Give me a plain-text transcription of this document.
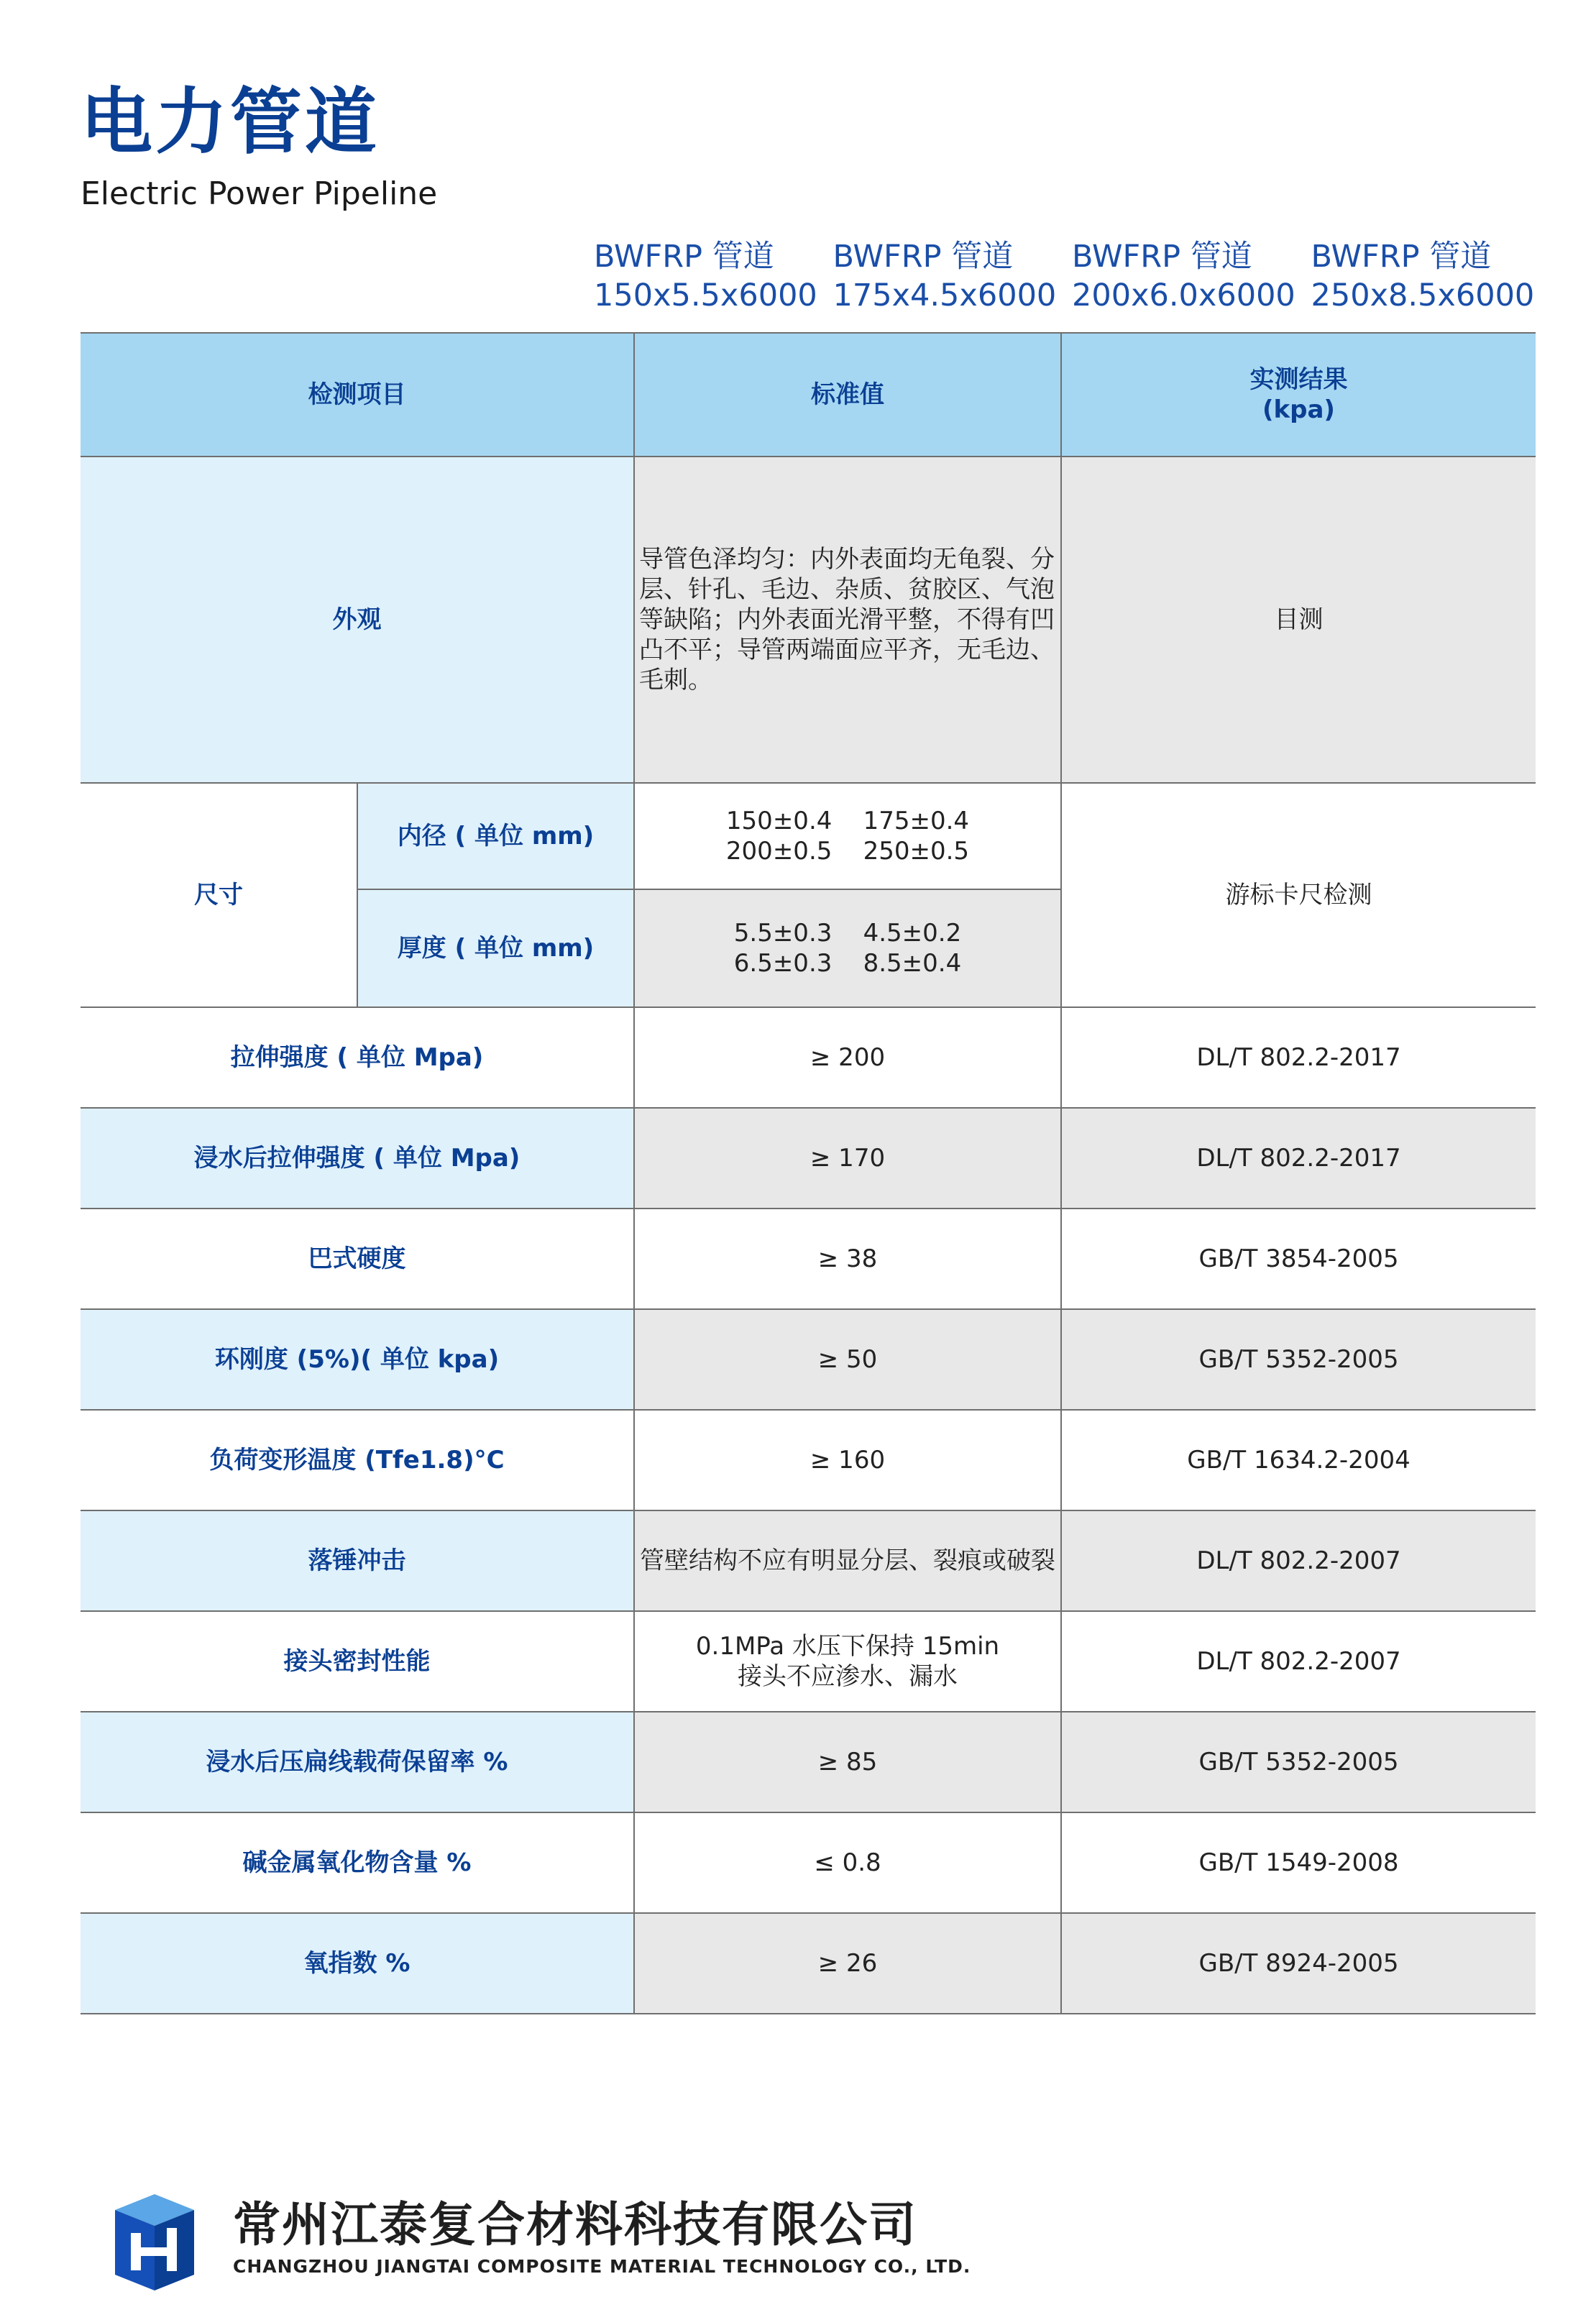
电力管道
Electric Power Pipeline
BWFRP 管道
150x5.5x6000
BWFRP 管道
175x4.5x6000
BWFRP 管道
200x6.0x6000
BWFRP 管道
250x8.5x6000
检测项目		标准值	实测结果
(kpa)

外观		导管色泽均匀：内外表面均无龟裂、分层、针孔、毛边、杂质、贫胶区、气泡等缺陷；内外表面光滑平整，不得有凹凸不平；导管两端面应平齐，无毛边、毛刺。	目测
尺寸	内径 ( 单位 mm)	150±0.4    175±0.4
200±0.5    250±0.5	游标卡尺检测
	厚度 ( 单位 mm)	5.5±0.3    4.5±0.2
6.5±0.3    8.5±0.4	

拉伸强度 ( 单位 Mpa)		≥ 200	DL/T 802.2-2017
浸水后拉伸强度 ( 单位 Mpa)		≥ 170	DL/T 802.2-2017
巴式硬度		≥ 38	GB/T 3854-2005
环刚度 (5%)( 单位 kpa)		≥ 50	GB/T 5352-2005
负荷变形温度 (Tfe1.8)°C		≥ 160	GB/T 1634.2-2004
落锤冲击		管壁结构不应有明显分层、裂痕或破裂	DL/T 802.2-2007
接头密封性能		0.1MPa 水压下保持 15min
接头不应渗水、漏水	DL/T 802.2-2007
浸水后压扁线载荷保留率 %		≥ 85	GB/T 5352-2005
碱金属氧化物含量 %		≤ 0.8	GB/T 1549-2008
氧指数 %		≥ 26	GB/T 8924-2005
常州江泰复合材料科技有限公司
CHANGZHOU JIANGTAI COMPOSITE MATERIAL TECHNOLOGY CO., LTD.
